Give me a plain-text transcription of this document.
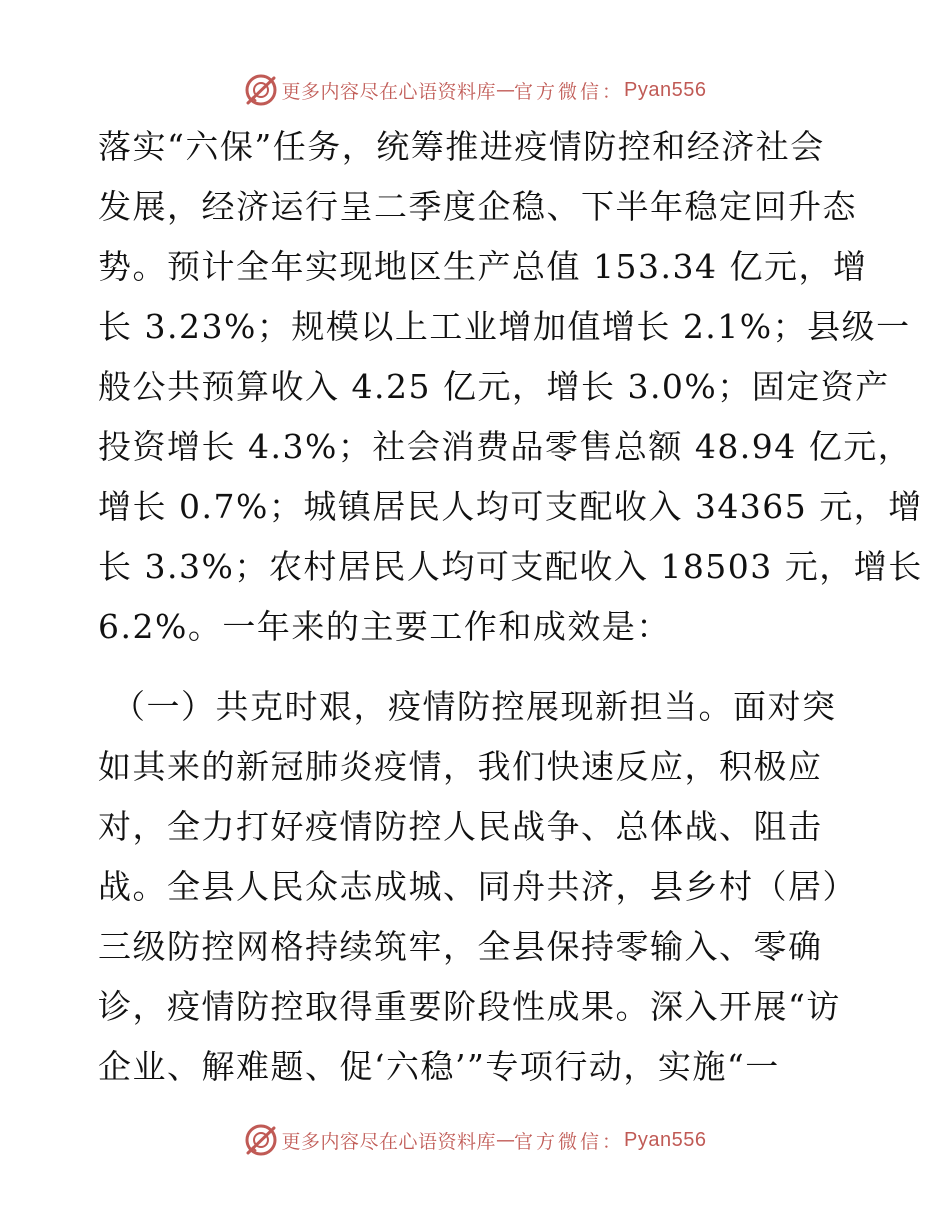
更多内容尽在心语资料库 — 官方微信： Pyan556
落实“六保”任务，统筹推进疫情防控和经济社会
发展，经济运行呈二季度企稳、下半年稳定回升态
势。预计全年实现地区生产总值 153.34 亿元，增
长 3.23%；规模以上工业增加值增长 2.1%；县级一
般公共预算收入 4.25 亿元，增长 3.0%；固定资产
投资增长 4.3%；社会消费品零售总额 48.94 亿元，
增长 0.7%；城镇居民人均可支配收入 34365 元，增
长 3.3%；农村居民人均可支配收入 18503 元，增长
6.2%。一年来的主要工作和成效是：
（一）共克时艰，疫情防控展现新担当。面对突
如其来的新冠肺炎疫情，我们快速反应，积极应
对，全力打好疫情防控人民战争、总体战、阻击
战。全县人民众志成城、同舟共济，县乡村（居）
三级防控网格持续筑牢，全县保持零输入、零确
诊，疫情防控取得重要阶段性成果。深入开展“访
企业、解难题、促‘六稳’”专项行动，实施“一
更多内容尽在心语资料库 — 官方微信： Pyan556
